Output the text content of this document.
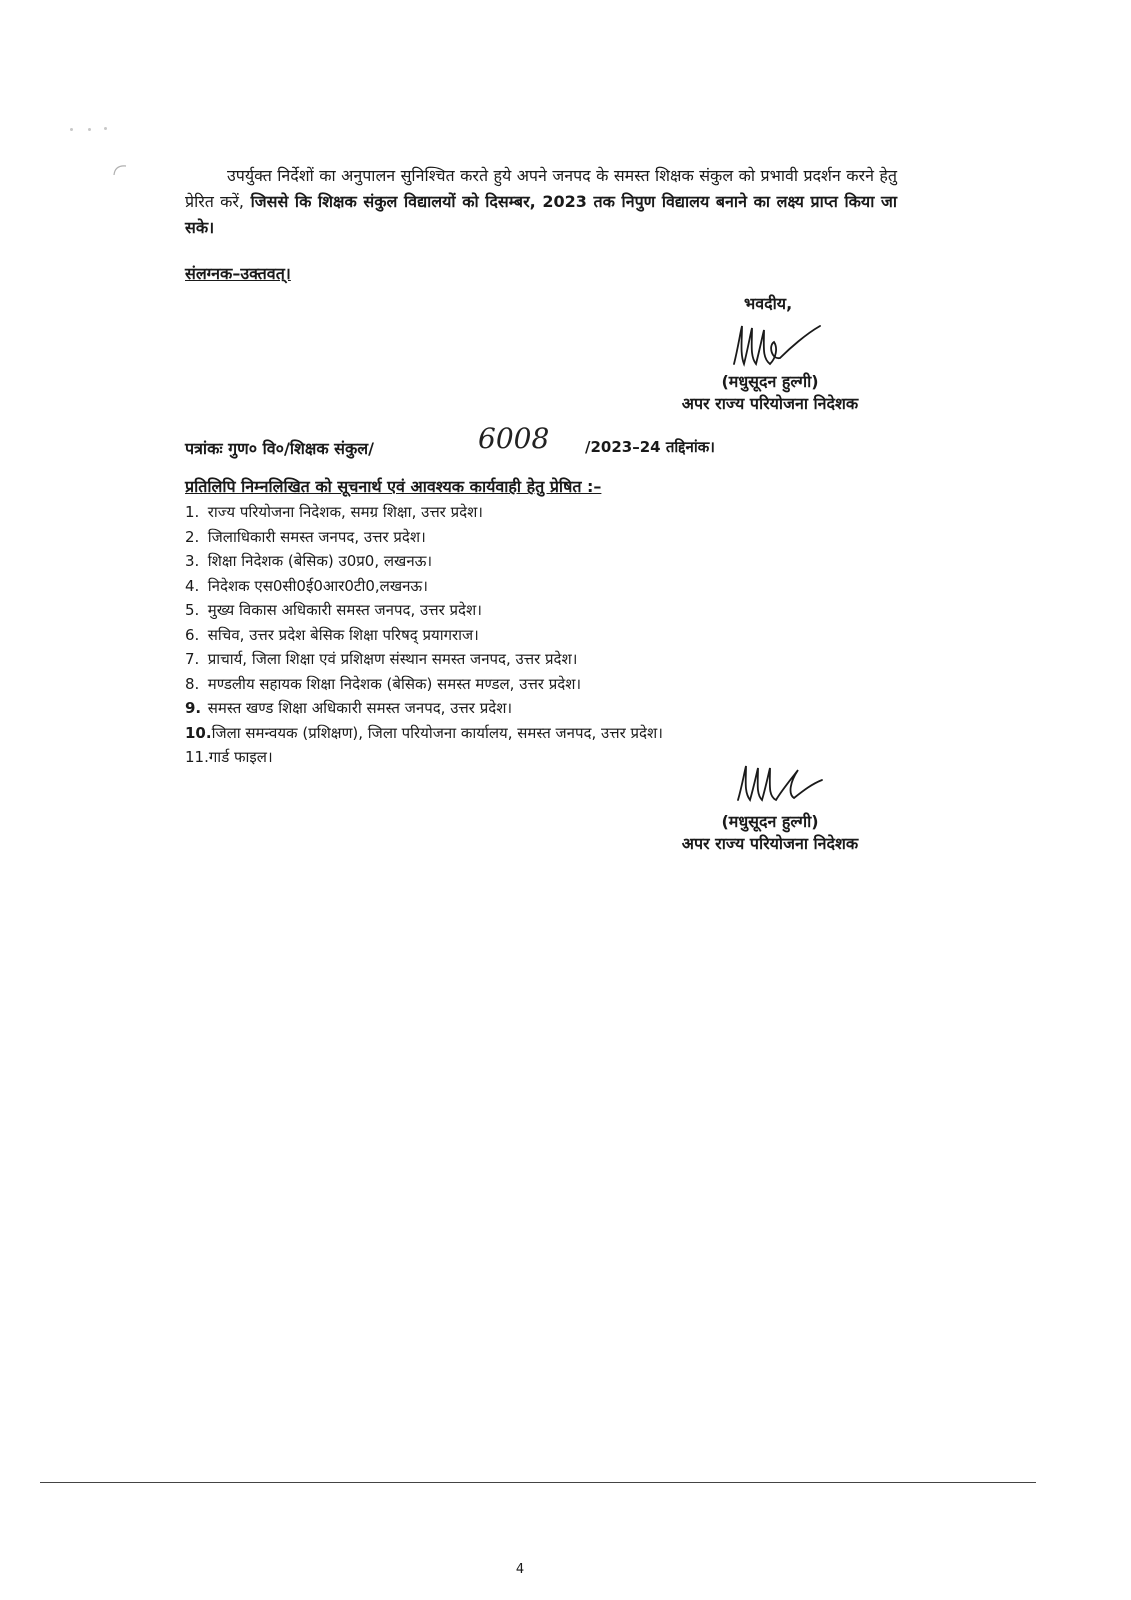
उपर्युक्त निर्देशों का अनुपालन सुनिश्चित करते हुये अपने जनपद के समस्त शिक्षक संकुल को प्रभावी प्रदर्शन करने हेतु प्रेरित करें, जिससे कि शिक्षक संकुल विद्यालयों को दिसम्बर, 2023 तक निपुण विद्यालय बनाने का लक्ष्य प्राप्त किया जा सके।
संलग्नक–उक्तवत्।
भवदीय,
(मधुसूदन हुल्गी)
अपर राज्य परियोजना निदेशक
पत्रांकः गुण० वि०/शिक्षक संकुल/	6008 /2023–24 तद्दिनांक।
प्रतिलिपि निम्नलिखित को सूचनार्थ एवं आवश्यक कार्यवाही हेतु प्रेषित :–
1. राज्य परियोजना निदेशक, समग्र शिक्षा, उत्तर प्रदेश।
2. जिलाधिकारी समस्त जनपद, उत्तर प्रदेश।
3. शिक्षा निदेशक (बेसिक) उ0प्र0, लखनऊ।
4. निदेशक एस0सी0ई0आर0टी0,लखनऊ।
5. मुख्य विकास अधिकारी समस्त जनपद, उत्तर प्रदेश।
6. सचिव, उत्तर प्रदेश बेसिक शिक्षा परिषद् प्रयागराज।
7. प्राचार्य, जिला शिक्षा एवं प्रशिक्षण संस्थान समस्त जनपद, उत्तर प्रदेश।
8. मण्डलीय सहायक शिक्षा निदेशक (बेसिक) समस्त मण्डल, उत्तर प्रदेश।
9. समस्त खण्ड शिक्षा अधिकारी समस्त जनपद, उत्तर प्रदेश।
10.जिला समन्वयक (प्रशिक्षण), जिला परियोजना कार्यालय, समस्त जनपद, उत्तर प्रदेश।
11.गार्ड फाइल।
(मधुसूदन हुल्गी)
अपर राज्य परियोजना निदेशक
4
